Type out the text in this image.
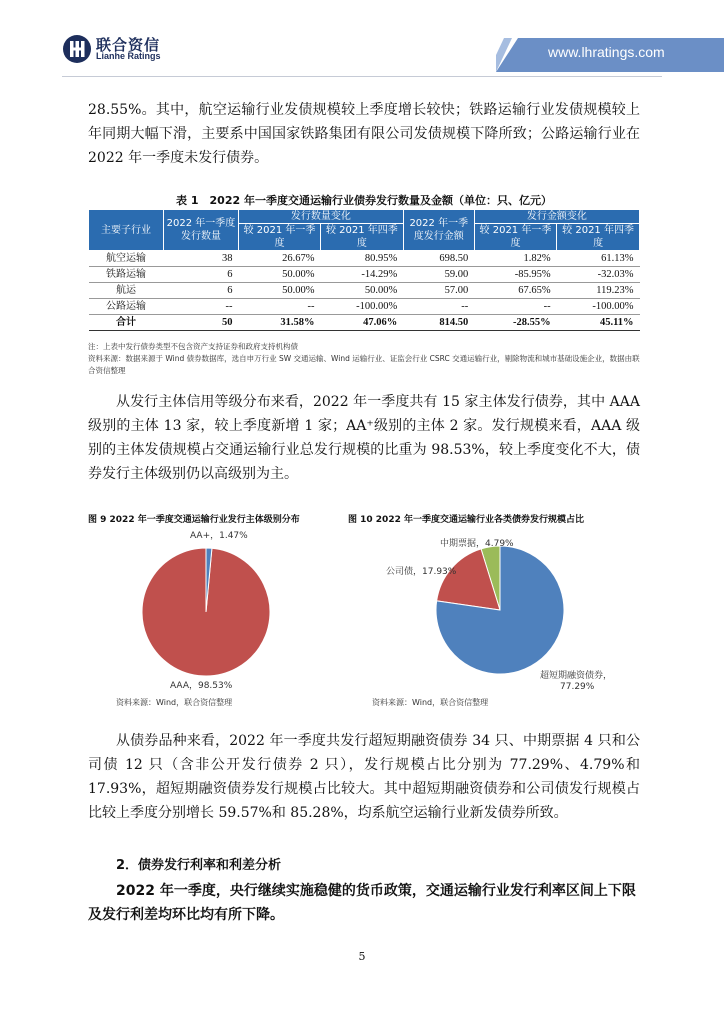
联合资信
Lianhe Ratings	www.lhratings.com
28.55%。其中，航空运输行业发债规模较上季度增长较快；铁路运输行业发债规模较上年同期大幅下滑，主要系中国国家铁路集团有限公司发债规模下降所致；公路运输行业在 2022 年一季度未发行债券。
表 1　2022 年一季度交通运输行业债券发行数量及金额（单位：只、亿元）
主要子行业	2022 年一季度发行数量	发行数量变化		2022 年一季度发行金额	发行金额变化	
		较 2021 年一季度	较 2021 年四季度		较 2021 年一季度	较 2021 年四季度
航空运输	38	26.67%	80.95%	698.50	1.82%	61.13%
铁路运输	6	50.00%	-14.29%	59.00	-85.95%	-32.03%
航运	6	50.00%	50.00%	57.00	67.65%	119.23%
公路运输	--	--	-100.00%	--	--	-100.00%
合计	50	31.58%	47.06%	814.50	-28.55%	45.11%
注：上表中发行债券类型不包含资产支持证券和政府支持机构债
资料来源：数据来源于 Wind 债券数据库，选自申万行业 SW 交通运输、Wind 运输行业、证监会行业 CSRC 交通运输行业，剔除物流和城市基础设施企业，数据由联合资信整理
从发行主体信用等级分布来看，2022 年一季度共有 15 家主体发行债券，其中 AAA 级别的主体 13 家，较上季度新增 1 家；AA⁺级别的主体 2 家。发行规模来看，AAA 级别的主体发债规模占交通运输行业总发行规模的比重为 98.53%，较上季度变化不大，债券发行主体级别仍以高级别为主。
图 9 2022 年一季度交通运输行业发行主体级别分布
AA+，1.47%
AAA，98.53%
资料来源：Wind，联合资信整理
图 10 2022 年一季度交通运输行业各类债券发行规模占比
中期票据，4.79%
公司债，17.93%
超短期融资债券，
77.29%
资料来源：Wind，联合资信整理
从债券品种来看，2022 年一季度共发行超短期融资债券 34 只、中期票据 4 只和公司债 12 只（含非公开发行债券 2 只），发行规模占比分别为 77.29%、4.79%和 17.93%，超短期融资债券发行规模占比较大。其中超短期融资债券和公司债发行规模占比较上季度分别增长 59.57%和 85.28%，均系航空运输行业新发债券所致。
2．债券发行利率和利差分析
2022 年一季度，央行继续实施稳健的货币政策，交通运输行业发行利率区间上下限及发行利差均环比均有所下降。
5
